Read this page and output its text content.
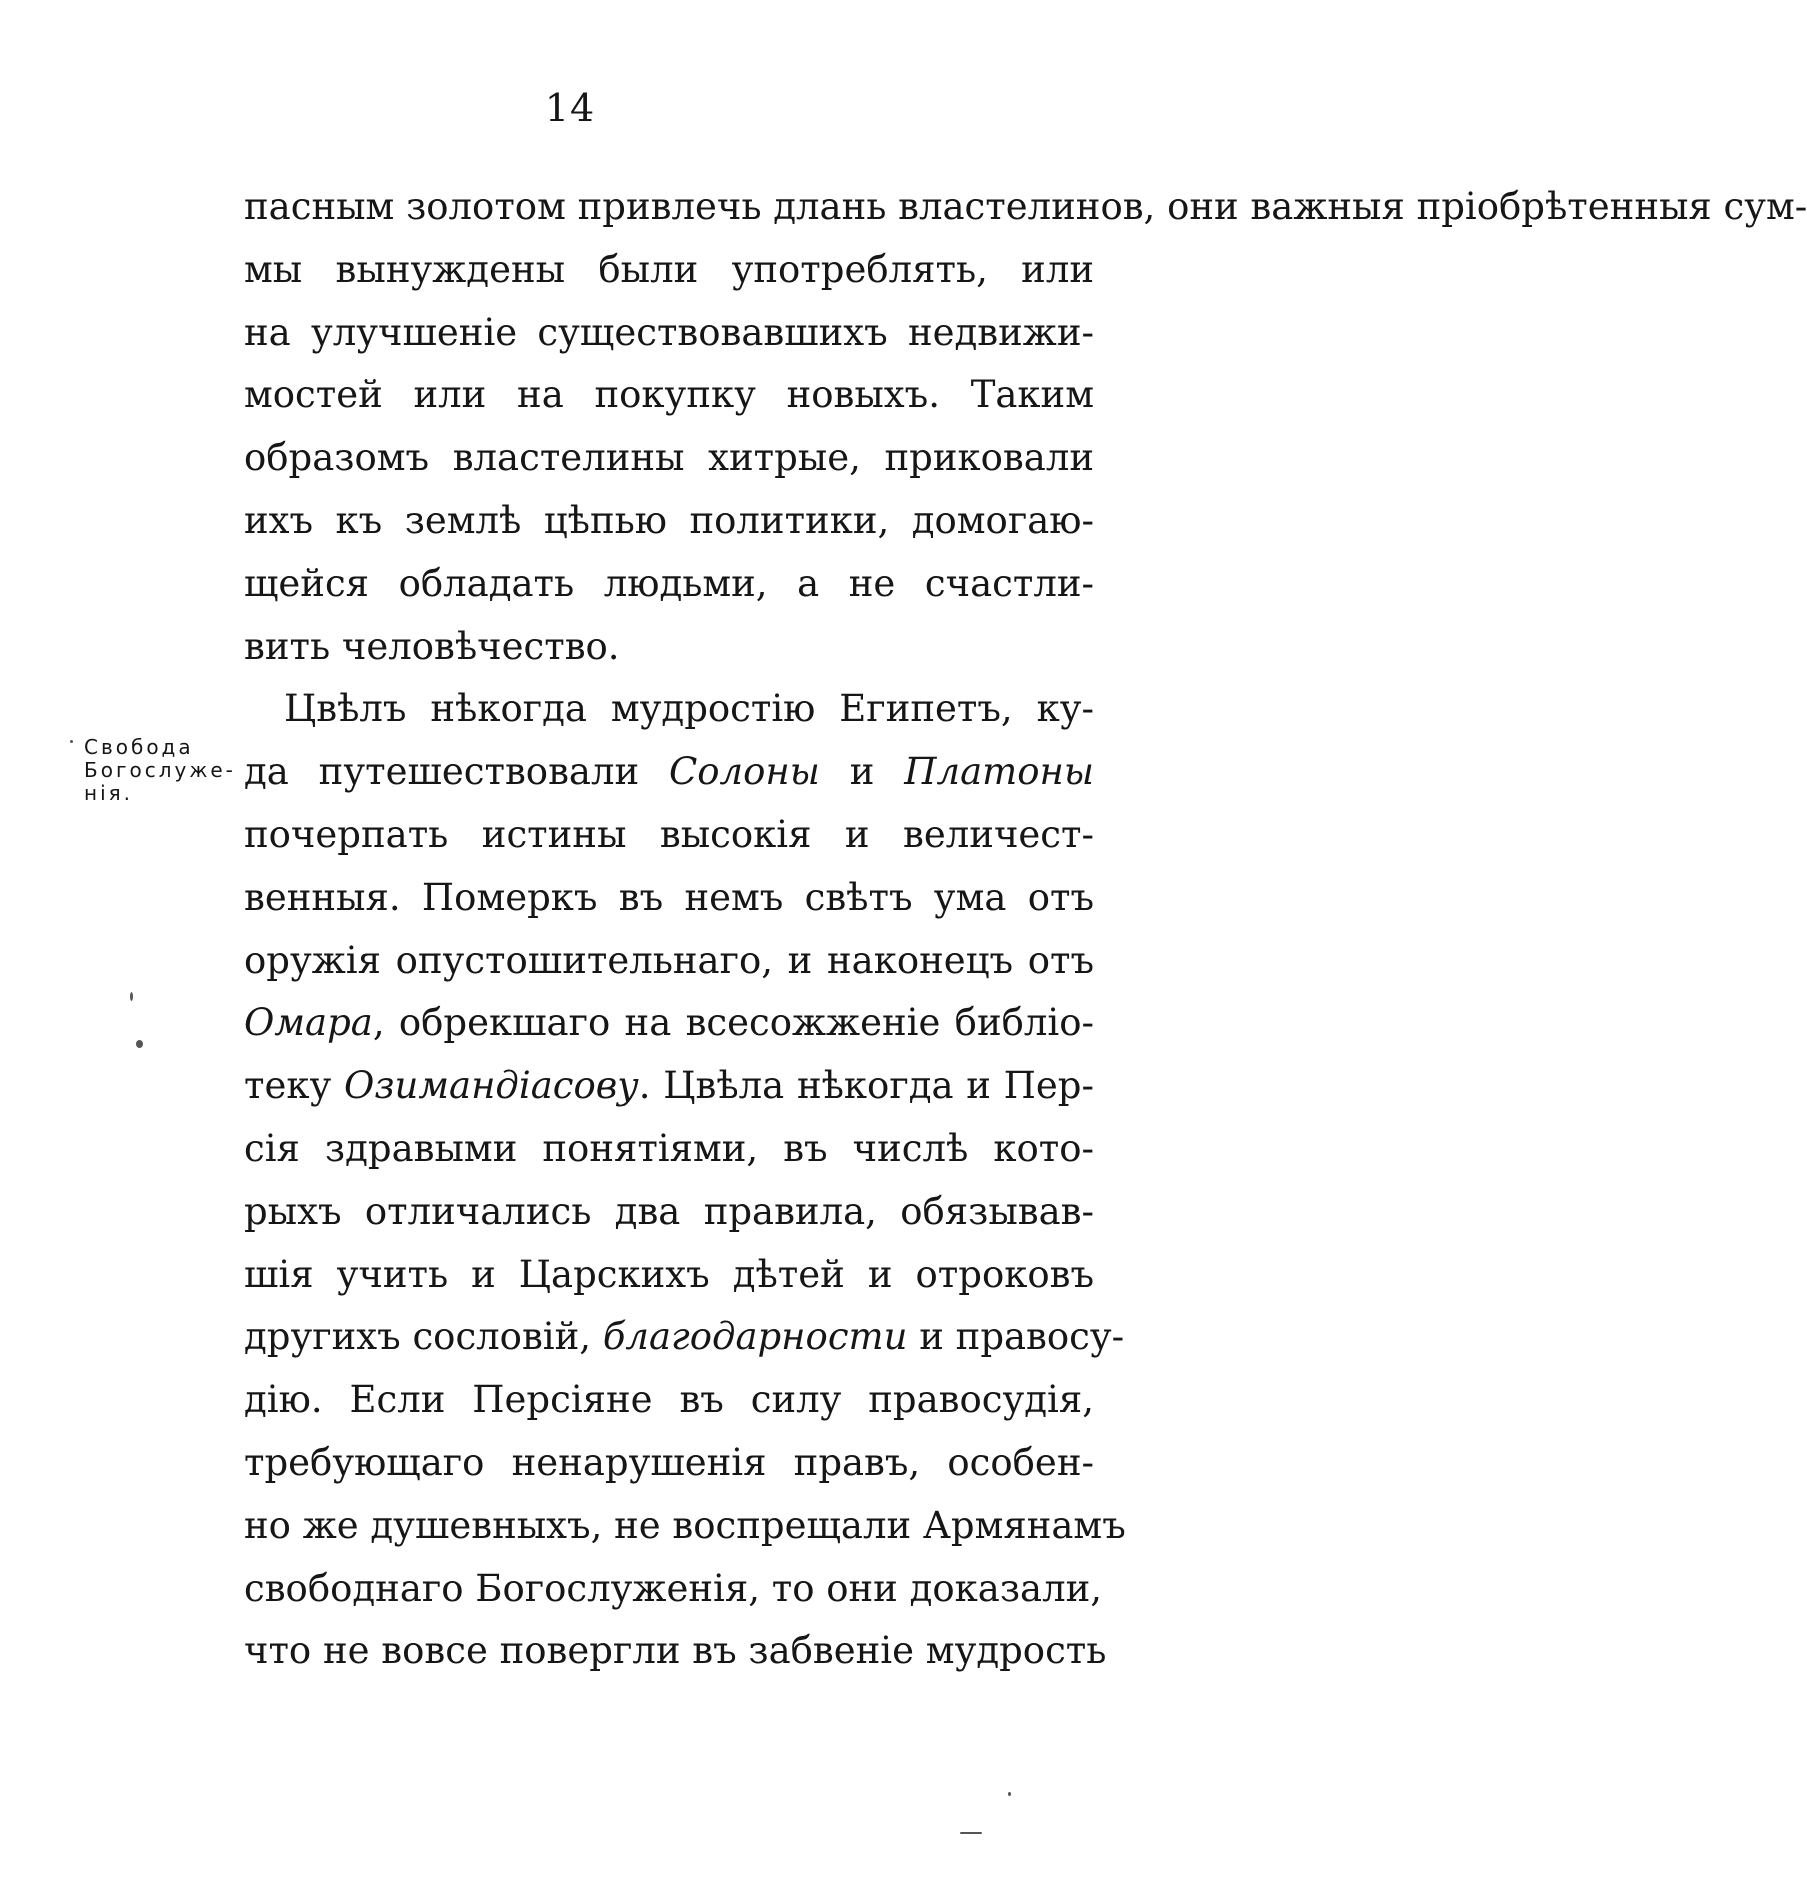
14
пасным золотом привлечь длань властелинов, они важныя пріобрѣтенныя сум-
мы вынуждены были употреблять, или
на улучшеніе существовавшихъ недвижи-
мостей или на покупку новыхъ. Таким
образомъ властелины хитрые, приковали
ихъ къ землѣ цѣпью политики, домогаю-
щейся обладать людьми, а не счастли-
вить человѣчество.
Цвѣлъ нѣкогда мудростію Египетъ, ку-
да путешествовали Солоны и Платоны
почерпать истины высокія и величест-
венныя. Померкъ въ немъ свѣтъ ума отъ
оружія опустошительнаго, и наконецъ отъ
Омара, обрекшаго на всесожженіе библіо-
теку Озимандіасову. Цвѣла нѣкогда и Пер-
сія здравыми понятіями, въ числѣ кото-
рыхъ отличались два правила, обязывав-
шія учить и Царскихъ дѣтей и отроковъ
другихъ сословій, благодарности и правосу-
дію. Если Персіяне въ силу правосудія,
требующаго ненарушенія правъ, особен-
но же душевныхъ, не воспрещали Армянамъ
свободнаго Богослуженія, то они доказали,
что не вовсе повергли въ забвеніе мудрость
Свобода
Богослуже-
нія.
